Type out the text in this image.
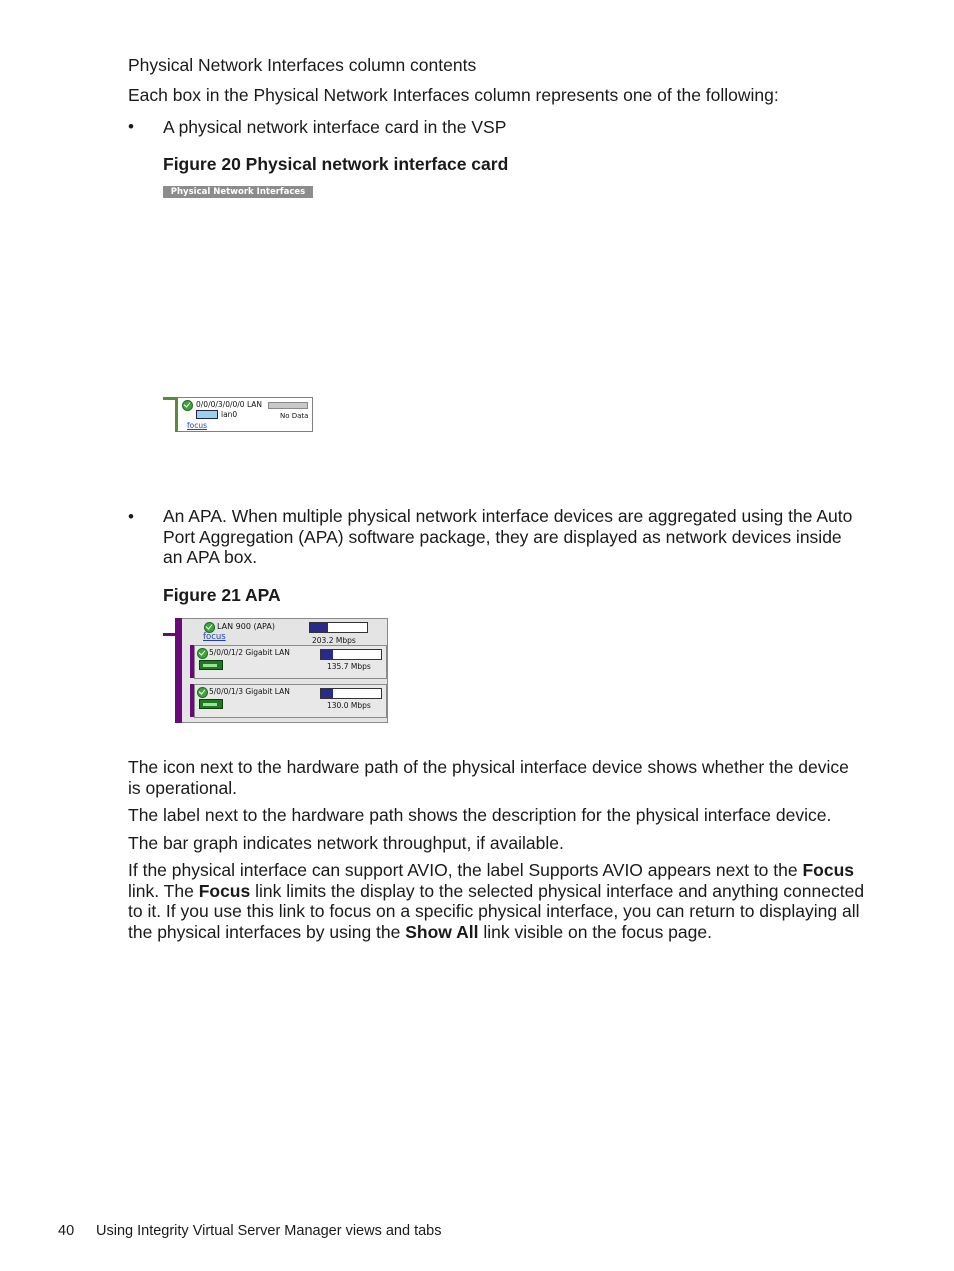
Physical Network Interfaces column contents
Each box in the Physical Network Interfaces column represents one of the following:
• A physical network interface card in the VSP
Figure 20 Physical network interface card
Physical Network Interfaces
0/0/0/3/0/0/0 LAN
lan0	No Data
focus
• An APA. When multiple physical network interface devices are aggregated using the Auto Port Aggregation (APA) software package, they are displayed as network devices inside an APA box.
Figure 21 APA
LAN 900 (APA)
focus	203.2 Mbps
5/0/0/1/2 Gigabit LAN
135.7 Mbps
5/0/0/1/3 Gigabit LAN
130.0 Mbps
The icon next to the hardware path of the physical interface device shows whether the device is operational.
The label next to the hardware path shows the description for the physical interface device.
The bar graph indicates network throughput, if available.
If the physical interface can support AVIO, the label Supports AVIO appears next to the Focus link. The Focus link limits the display to the selected physical interface and anything connected to it. If you use this link to focus on a specific physical interface, you can return to displaying all the physical interfaces by using the Show All link visible on the focus page.
40 Using Integrity Virtual Server Manager views and tabs
